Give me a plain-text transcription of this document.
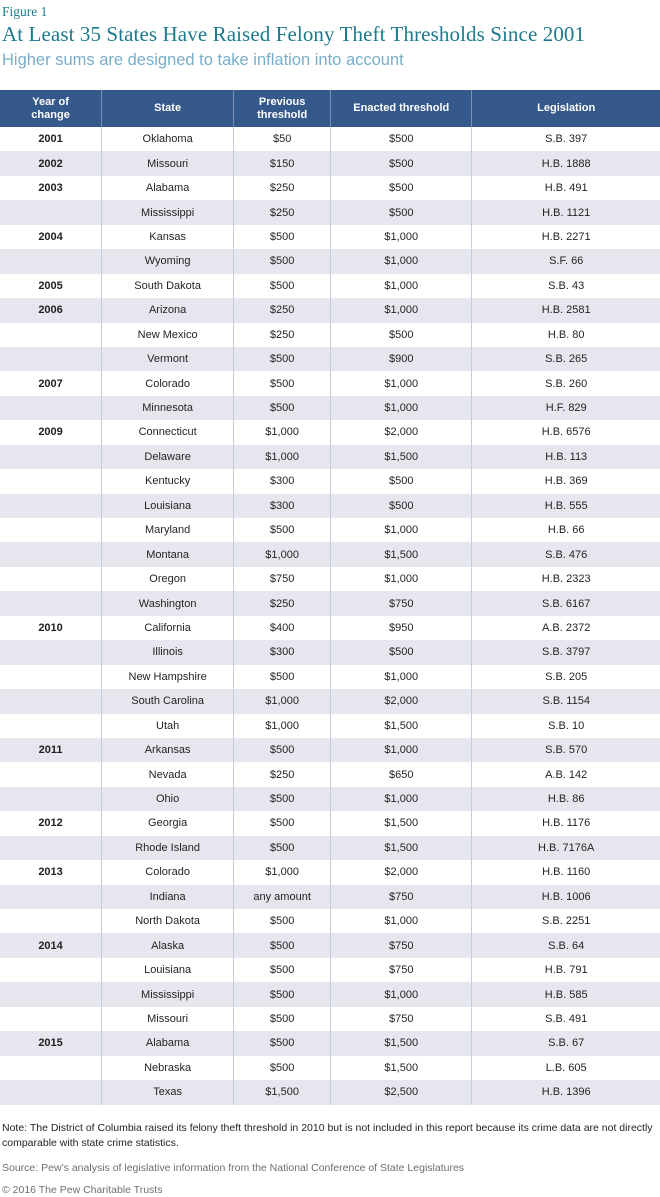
Figure 1
At Least 35 States Have Raised Felony Theft Thresholds Since 2001
Higher sums are designed to take inflation into account
Year of change	State	Previous threshold	Enacted threshold	Legislation
2001	Oklahoma	$50	$500	S.B. 397
2002	Missouri	$150	$500	H.B. 1888
2003	Alabama	$250	$500	H.B. 491
	Mississippi	$250	$500	H.B. 1121
2004	Kansas	$500	$1,000	H.B. 2271
	Wyoming	$500	$1,000	S.F. 66
2005	South Dakota	$500	$1,000	S.B. 43
2006	Arizona	$250	$1,000	H.B. 2581
	New Mexico	$250	$500	H.B. 80
	Vermont	$500	$900	S.B. 265
2007	Colorado	$500	$1,000	S.B. 260
	Minnesota	$500	$1,000	H.F. 829
2009	Connecticut	$1,000	$2,000	H.B. 6576
	Delaware	$1,000	$1,500	H.B. 113
	Kentucky	$300	$500	H.B. 369
	Louisiana	$300	$500	H.B. 555
	Maryland	$500	$1,000	H.B. 66
	Montana	$1,000	$1,500	S.B. 476
	Oregon	$750	$1,000	H.B. 2323
	Washington	$250	$750	S.B. 6167
2010	California	$400	$950	A.B. 2372
	Illinois	$300	$500	S.B. 3797
	New Hampshire	$500	$1,000	S.B. 205
	South Carolina	$1,000	$2,000	S.B. 1154
	Utah	$1,000	$1,500	S.B. 10
2011	Arkansas	$500	$1,000	S.B. 570
	Nevada	$250	$650	A.B. 142
	Ohio	$500	$1,000	H.B. 86
2012	Georgia	$500	$1,500	H.B. 1176
	Rhode Island	$500	$1,500	H.B. 7176A
2013	Colorado	$1,000	$2,000	H.B. 1160
	Indiana	any amount	$750	H.B. 1006
	North Dakota	$500	$1,000	S.B. 2251
2014	Alaska	$500	$750	S.B. 64
	Louisiana	$500	$750	H.B. 791
	Mississippi	$500	$1,000	H.B. 585
	Missouri	$500	$750	S.B. 491
2015	Alabama	$500	$1,500	S.B. 67
	Nebraska	$500	$1,500	L.B. 605
	Texas	$1,500	$2,500	H.B. 1396

Note: The District of Columbia raised its felony theft threshold in 2010 but is not included in this report because its crime data are not directly comparable with state crime statistics.

Source: Pew’s analysis of legislative information from the National Conference of State Legislatures

© 2016 The Pew Charitable Trusts
